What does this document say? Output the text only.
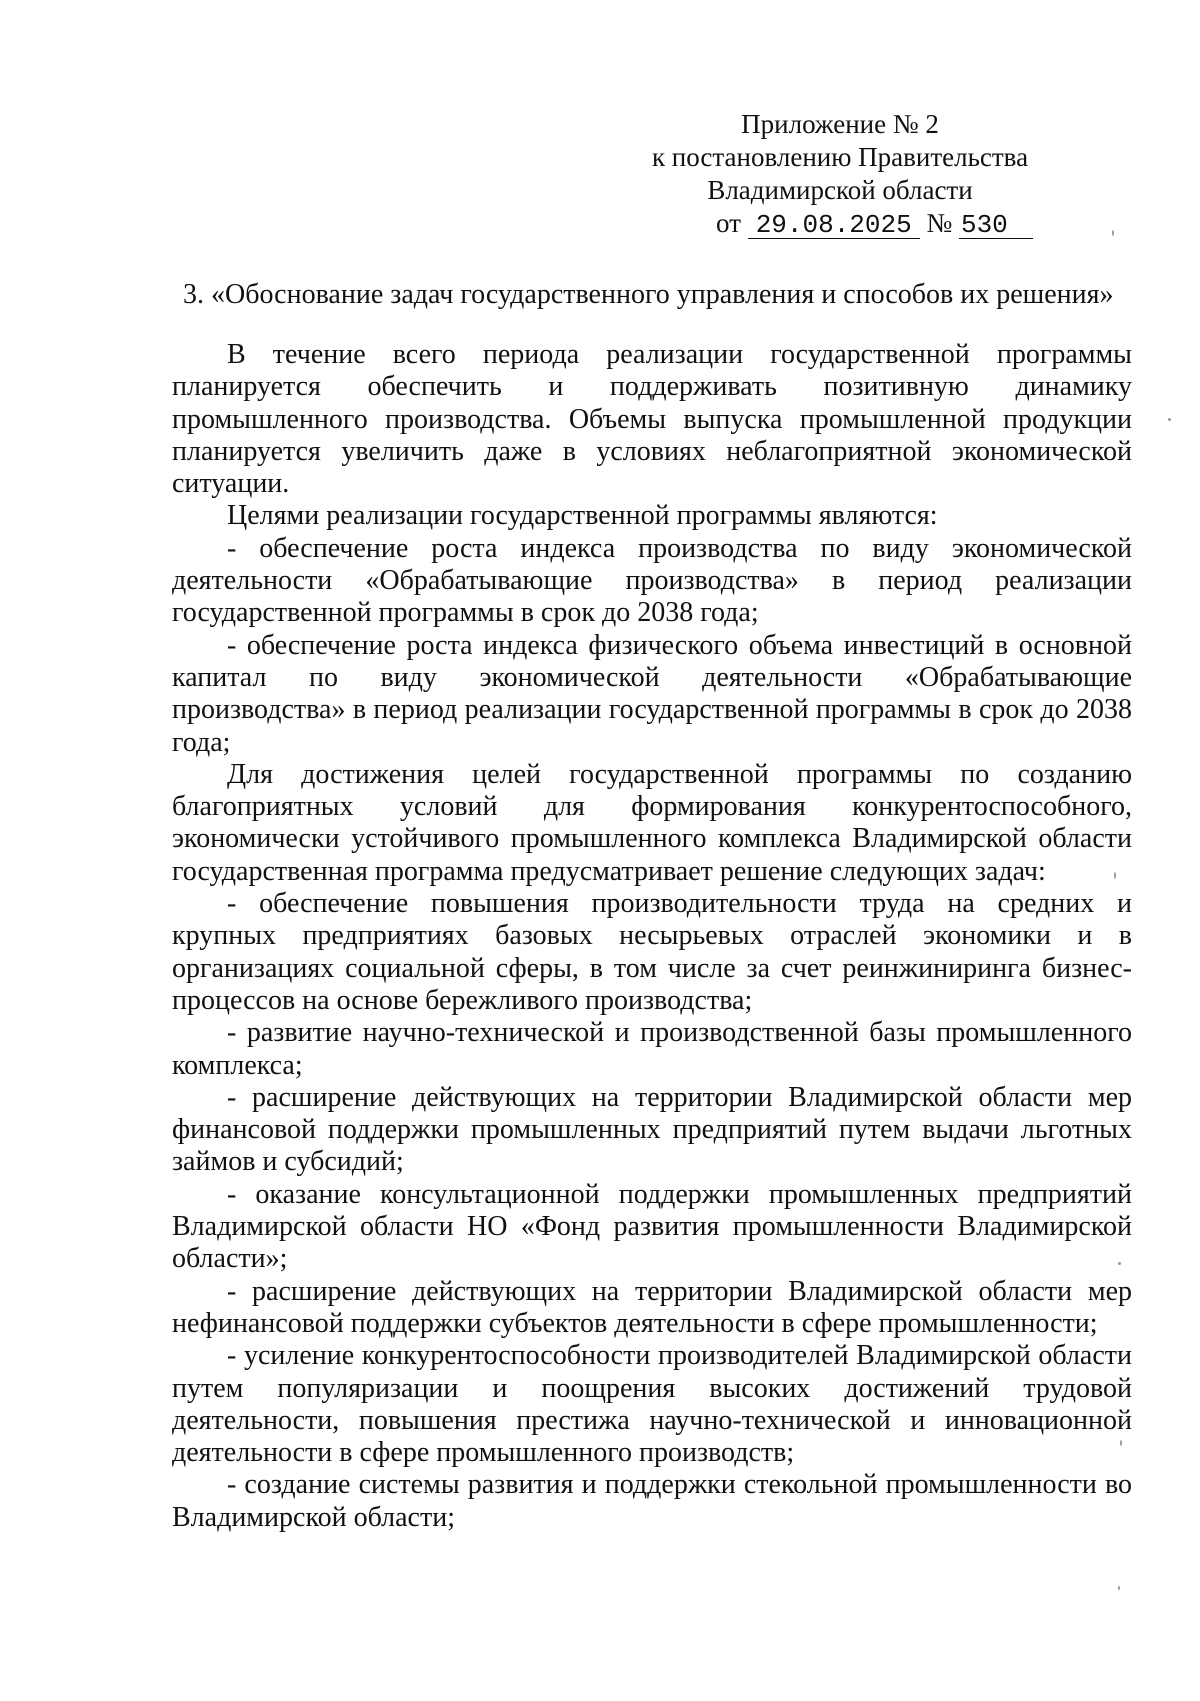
Приложение № 2
к постановлению Правительства
Владимирской области
от 29.08.2025 № 530
3. «Обоснование задач государственного управления и способов их решения»

В течение всего периода реализации государственной программы планируется обеспечить и поддерживать позитивную динамику промышленного производства. Объемы выпуска промышленной продукции планируется увеличить даже в условиях неблагоприятной экономической ситуации.

Целями реализации государственной программы являются:

- обеспечение роста индекса производства по виду экономической деятельности «Обрабатывающие производства» в период реализации государственной программы в срок до 2038 года;

- обеспечение роста индекса физического объема инвестиций в основной капитал по виду экономической деятельности «Обрабатывающие производства» в период реализации государственной программы в срок до 2038 года;

Для достижения целей государственной программы по созданию благоприятных условий для формирования конкурентоспособного, экономически устойчивого промышленного комплекса Владимирской области государственная программа предусматривает решение следующих задач:

- обеспечение повышения производительности труда на средних и крупных предприятиях базовых несырьевых отраслей экономики и в организациях социальной сферы, в том числе за счет реинжиниринга бизнес-процессов на основе бережливого производства;

- развитие научно-технической и производственной базы промышленного комплекса;

- расширение действующих на территории Владимирской области мер финансовой поддержки промышленных предприятий путем выдачи льготных займов и субсидий;

- оказание консультационной поддержки промышленных предприятий Владимирской области НО «Фонд развития промышленности Владимирской области»;

- расширение действующих на территории Владимирской области мер нефинансовой поддержки субъектов деятельности в сфере промышленности;

- усиление конкурентоспособности производителей Владимирской области путем популяризации и поощрения высоких достижений трудовой деятельности, повышения престижа научно-технической и инновационной деятельности в сфере промышленного производств;

- создание системы развития и поддержки стекольной промышленности во Владимирской области;
